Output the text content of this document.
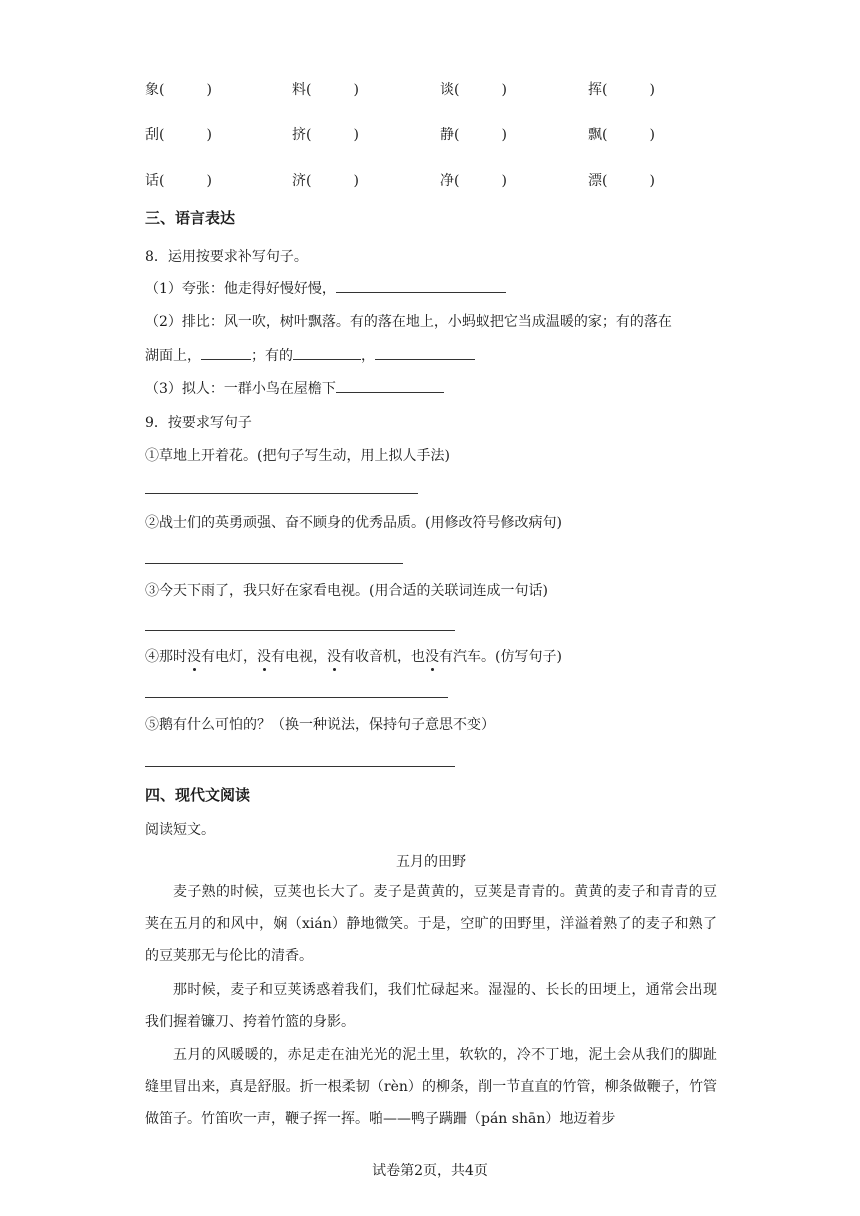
象(　　　)	料(　　　)	谈(　　　)	挥(　　　)
刮(　　　)	挤(　　　)	静(　　　)	飘(　　　)
话(　　　)	济(　　　)	净(　　　)	漂(　　　)
三、语言表达
8．运用按要求补写句子。
（1）夸张：他走得好慢好慢，
（2）排比：风一吹，树叶飘落。有的落在地上，小蚂蚁把它当成温暖的家；有的落在
湖面上，	；有的	，
（3）拟人：一群小鸟在屋檐下
9．按要求写句子
①草地上开着花。(把句子写生动，用上拟人手法)
②战士们的英勇顽强、奋不顾身的优秀品质。(用修改符号修改病句)
③今天下雨了，我只好在家看电视。(用合适的关联词连成一句话)
④那时没有电灯，没有电视，没有收音机，也没有汽车。(仿写句子)
⑤鹅有什么可怕的？（换一种说法，保持句子意思不变）
四、现代文阅读
阅读短文。
五月的田野
麦子熟的时候，豆荚也长大了。麦子是黄黄的，豆荚是青青的。黄黄的麦子和青青的豆荚在五月的和风中，娴（xián）静地微笑。于是，空旷的田野里，洋溢着熟了的麦子和熟了的豆荚那无与伦比的清香。
那时候，麦子和豆荚诱惑着我们，我们忙碌起来。湿湿的、长长的田埂上，通常会出现我们握着镰刀、挎着竹篮的身影。
五月的风暖暖的，赤足走在油光光的泥土里，软软的，冷不丁地，泥土会从我们的脚趾缝里冒出来，真是舒服。折一根柔韧（rèn）的柳条，削一节直直的竹管，柳条做鞭子，竹管做笛子。竹笛吹一声，鞭子挥一挥。啪——鸭子蹒跚（pán shān）地迈着步
试卷第2页，共4页
